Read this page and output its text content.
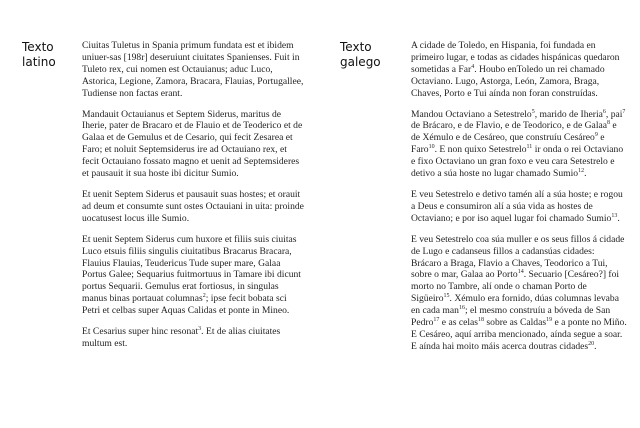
Texto latino

Ciuitas Tuletus in Spania primum fundata est et ibidem uniuer-sas [198r] deseruiunt ciuitates Spanienses. Fuit in Tuleto rex, cui nomen est Octauianus; aduc Luco, Astorica, Legione, Zamora, Bracara, Flauias, Portugallee, Tudiense non factas erant.

Mandauit Octauianus et Septem Siderus, maritus de Iherie, pater de Bracaro et de Flauio et de Teoderico et de Galaa et de Gemulus et de Cesario, qui fecit Zesarea et Faro; et noluit Septemsiderus ire ad Octauiano rex, et fecit Octauiano fossato magno et uenit ad Septemsideres et pausauit it sua hoste ibi dicitur Sumio.

Et uenit Septem Siderus et pausauit suas hostes; et orauit ad deum et consumte sunt ostes Octauiani in uita: proinde uocatusest locus ille Sumio.

Et uenit Septem Siderus cum huxore et filiis suis ciuitas Luco etsuis filiis singulis ciuitatibus Bracarus Bracara, Flauius Flauias, Teudericus Tude super mare, Galaa Portus Galee; Sequarius fuitmortuus in Tamare ibi dicunt portus Sequarii. Gemulus erat fortiosus, in singulas manus binas portauat columnas$^2$; ipse fecit bobata sci Petri et celbas super Aquas Calidas et ponte in Mineo.

Et Cesarius super hinc resonat$^3$. Et de alias ciuitates multum est.

Texto galego

A cidade de Toledo, en Hispania, foi fundada en primeiro lugar, e todas as cidades hispánicas quedaron sometidas a Far$^4$. Houbo enToledo un rei chamado Octaviano. Lugo, Astorga, León, Zamora, Braga, Chaves, Porto e Tui aínda non foran construídas.

Mandou Octaviano a Setestrelo$^5$, marido de Iheria$^6$, pai$^7$ de Brácaro, e de Flavio, e de Teodorico, e de Galaa$^8$ e de Xémulo e de Cesáreo, que construíu Cesáreo$^9$ e Faro$^{10}$. E non quixo Setestrelo$^{11}$ ir onda o rei Octaviano e fixo Octaviano un gran foxo e veu cara Setestrelo e detivo a súa hoste no lugar chamado Sumio$^{12}$.

E veu Setestrelo e detivo tamén alí a súa hoste; e rogou a Deus e consumiron alí a súa vida as hostes de Octaviano; e por iso aquel lugar foi chamado Sumio$^{13}$.

E veu Setestrelo coa súa muller e os seus fillos á cidade de Lugo e cadanseus fillos a cadansúas cidades: Brácaro a Braga, Flavio a Chaves, Teodorico a Tui, sobre o mar, Galaa ao Porto$^{14}$. Secuario [Cesáreo?] foi morto no Tambre, alí onde o chaman Porto de Sigüeiro$^{15}$. Xémulo era fornido, dúas columnas levaba en cada man$^{16}$; el mesmo construíu a bóveda de San Pedro$^{17}$ e as celas$^{18}$ sobre as Caldas$^{19}$ e a ponte no Miño. E Cesáreo, aquí arriba mencionado, aínda segue a soar. E aínda hai moito máis acerca doutras cidades$^{20}$.
